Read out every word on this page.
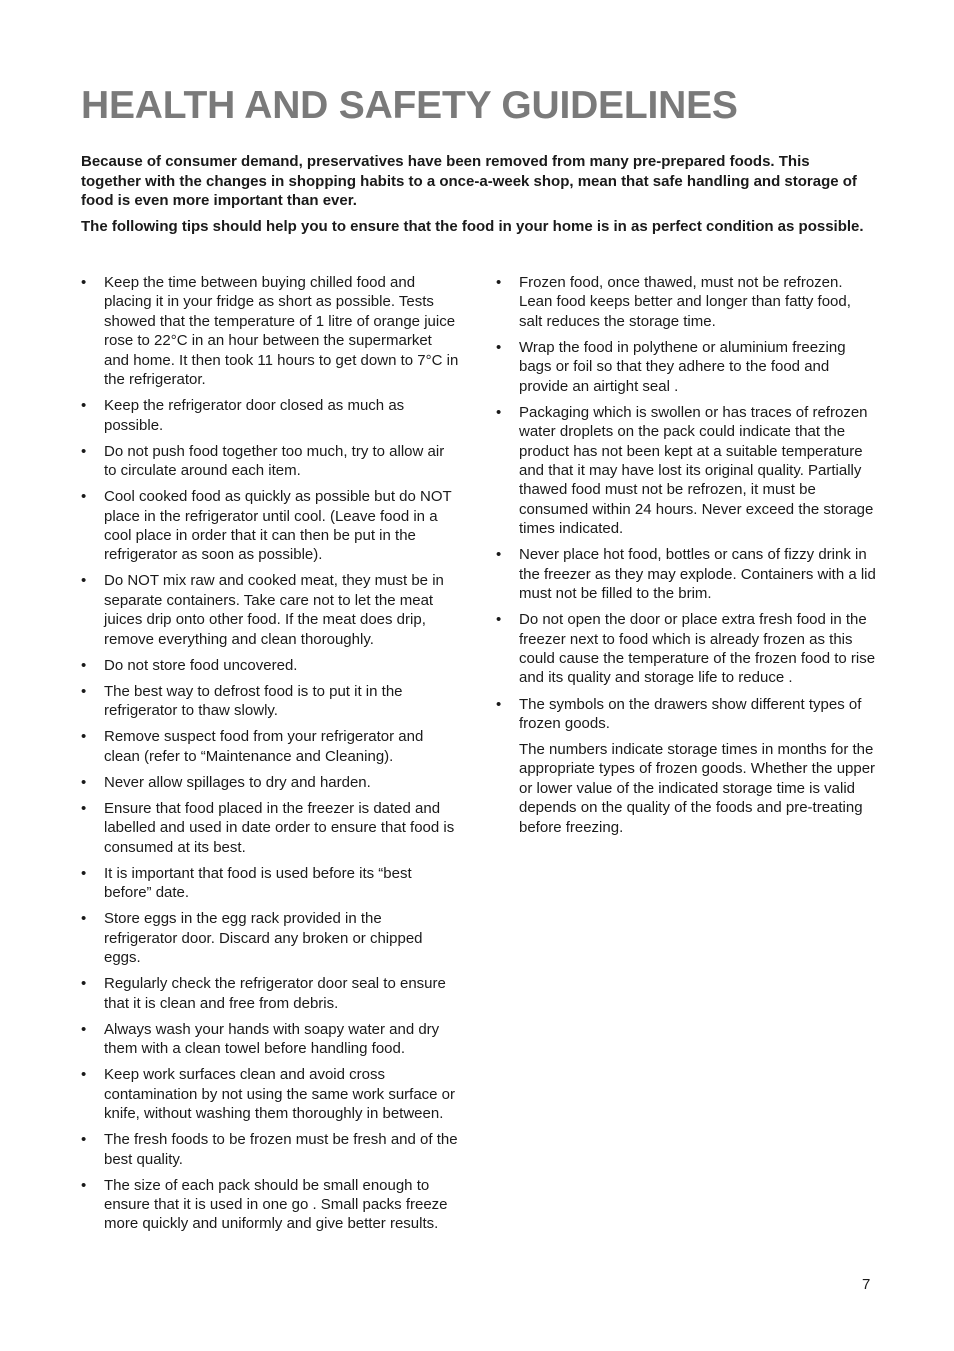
HEALTH AND SAFETY GUIDELINES

Because of consumer demand, preservatives have been removed from many pre-prepared foods. This together with the changes in shopping habits to a once-a-week shop, mean that safe handling and storage of food is even more important than ever.

The following tips should help you to ensure that the food in your home is in as perfect condition as possible.

• Keep the time between buying chilled food and placing it in your fridge as short as possible. Tests showed that the temperature of 1 litre of orange juice rose to 22°C in an hour between the supermarket and home. It then took 11 hours to get down to 7°C in the refrigerator.
• Keep the refrigerator door closed as much as possible.
• Do not push food together too much, try to allow air to circulate around each item.
• Cool cooked food as quickly as possible but do NOT place in the refrigerator until cool. (Leave food in a cool place in order that it can then be put in the refrigerator as soon as possible).
• Do NOT mix raw and cooked meat, they must be in separate containers. Take care not to let the meat juices drip onto other food. If the meat does drip, remove everything and clean thoroughly.
• Do not store food uncovered.
• The best way to defrost food is to put it in the refrigerator to thaw slowly.
• Remove suspect food from your refrigerator and clean (refer to “Maintenance and Cleaning).
• Never allow spillages to dry and harden.
• Ensure that food placed in the freezer is dated and labelled and used in date order to ensure that food is consumed at its best.
• It is important that food is used before its “best before” date.
• Store eggs in the egg rack provided in the refrigerator door. Discard any broken or chipped eggs.
• Regularly check the refrigerator door seal to ensure that it is clean and free from debris.
• Always wash your hands with soapy water and dry them with a clean towel before handling food.
• Keep work surfaces clean and avoid cross contamination by not using the same work surface or knife, without washing them thoroughly in between.
• The fresh foods to be frozen must be fresh and of the best quality.
• The size of each pack should be small enough to ensure that it is used in one go . Small packs freeze more quickly and uniformly and give better results.
• Frozen food, once thawed, must not be refrozen. Lean food keeps better and longer than fatty food, salt reduces the storage time.
• Wrap the food in polythene or aluminium freezing bags or foil so that they adhere to the food and provide an airtight seal .
• Packaging which is swollen or has traces of refrozen water droplets on the pack could indicate that the product has not been kept at a suitable temperature and that it may have lost its original quality. Partially thawed food must not be refrozen, it must be consumed within 24 hours. Never exceed the storage times indicated.
• Never place hot food, bottles or cans of fizzy drink in the freezer as they may explode. Containers with a lid must not be filled to the brim.
• Do not open the door or place extra fresh food in the freezer next to food which is already frozen as this could cause the temperature of the frozen food to rise and its quality and storage life to reduce .
• The symbols on the drawers show different types of frozen goods.

The numbers indicate storage times in months for the appropriate types of frozen goods. Whether the upper or lower value of the indicated storage time is valid depends on the quality of the foods and pre-treating before freezing.

7
